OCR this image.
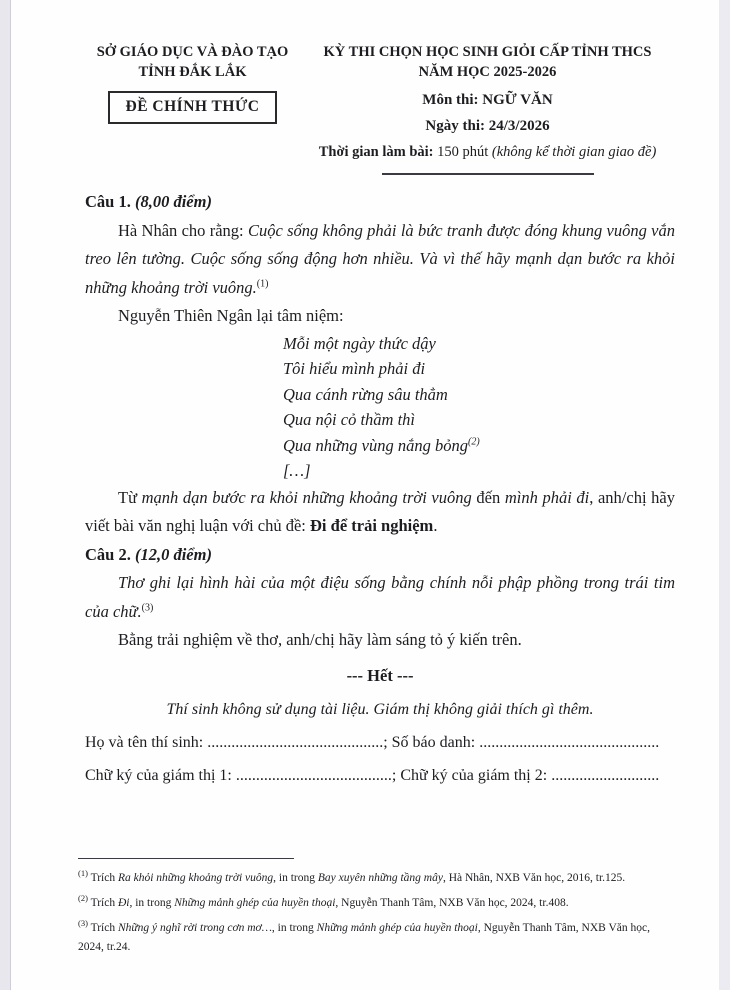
SỞ GIÁO DỤC VÀ ĐÀO TẠO
TỈNH ĐẮK LẮK
ĐỀ CHÍNH THỨC
KỲ THI CHỌN HỌC SINH GIỎI CẤP TỈNH THCS
NĂM HỌC 2025-2026
Môn thi: NGỮ VĂN
Ngày thi: 24/3/2026
Thời gian làm bài: 150 phút (không kể thời gian giao đề)

Câu 1. (8,00 điểm)

Hà Nhân cho rằng: Cuộc sống không phải là bức tranh được đóng khung vuông vắn treo lên tường. Cuộc sống sống động hơn nhiều. Và vì thế hãy mạnh dạn bước ra khỏi những khoảng trời vuông.$^{(1)}$

Nguyễn Thiên Ngân lại tâm niệm:

Mỗi một ngày thức dậy
Tôi hiểu mình phải đi
Qua cánh rừng sâu thẳm
Qua nội cỏ thầm thì
Qua những vùng nắng bỏng$^{(2)}$
[…]

Từ mạnh dạn bước ra khỏi những khoảng trời vuông đến mình phải đi, anh/chị hãy viết bài văn nghị luận với chủ đề: Đi để trải nghiệm.

Câu 2. (12,0 điểm)

Thơ ghi lại hình hài của một điệu sống bằng chính nỗi phập phồng trong trái tim của chữ.$^{(3)}$

Bằng trải nghiệm về thơ, anh/chị hãy làm sáng tỏ ý kiến trên.

--- Hết ---
Thí sinh không sử dụng tài liệu. Giám thị không giải thích gì thêm.
Họ và tên thí sinh: ............................................; Số báo danh: .............................................
Chữ ký của giám thị 1: .......................................; Chữ ký của giám thị 2: ...........................
$^{(1)}$ Trích Ra khỏi những khoảng trời vuông, in trong Bay xuyên những tầng mây, Hà Nhân, NXB Văn học, 2016, tr.125.
$^{(2)}$ Trích Đi, in trong Những mảnh ghép của huyền thoại, Nguyễn Thanh Tâm, NXB Văn học, 2024, tr.408.
$^{(3)}$ Trích Những ý nghĩ rời trong cơn mơ…, in trong Những mảnh ghép của huyền thoại, Nguyễn Thanh Tâm, NXB Văn học, 2024, tr.24.
